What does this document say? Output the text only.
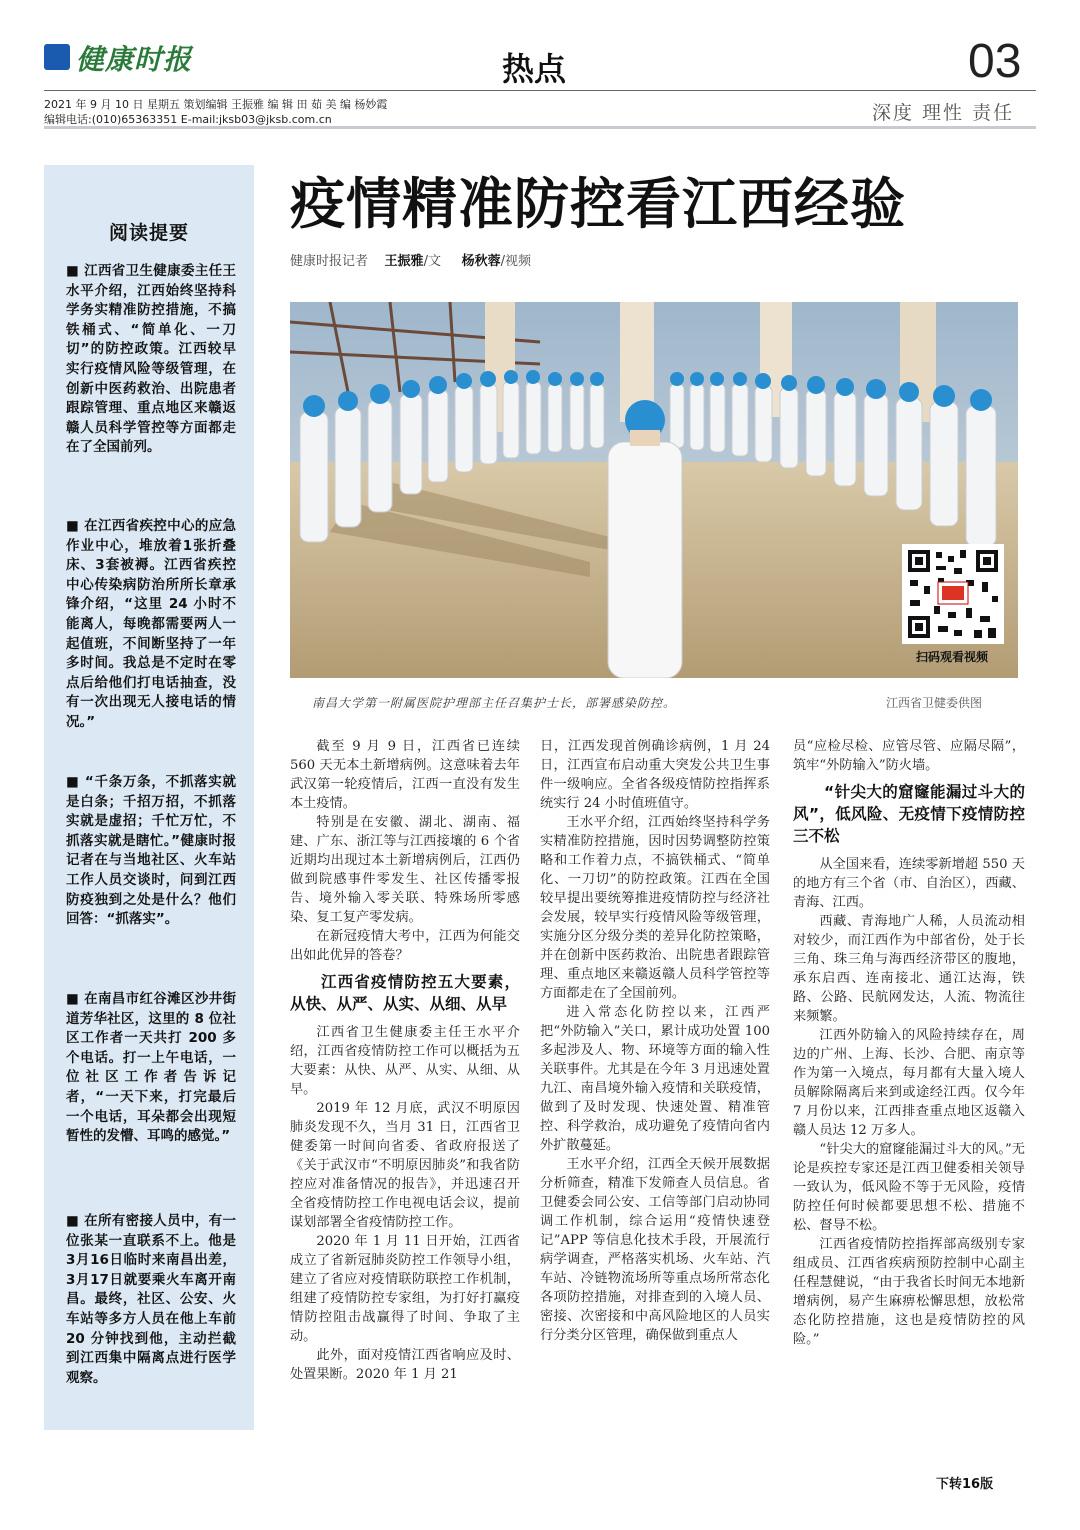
健康时报	热点	03
2021 年 9 月 10 日 星期五 策划编辑 王振雅 编 辑 田 茹 美 编 杨妙霞
编辑电话:(010)65363351 E-mail:jksb03@jksb.com.cn	深度 理性 责任
阅读提要

■ 江西省卫生健康委主任王水平介绍，江西始终坚持科学务实精准防控措施，不搞铁桶式、“简单化、一刀切”的防控政策。江西较早实行疫情风险等级管理，在创新中医药救治、出院患者跟踪管理、重点地区来赣返赣人员科学管控等方面都走在了全国前列。

■ 在江西省疾控中心的应急作业中心，堆放着1张折叠床、3套被褥。江西省疾控中心传染病防治所所长章承锋介绍，“这里 24 小时不能离人，每晚都需要两人一起值班，不间断坚持了一年多时间。我总是不定时在零点后给他们打电话抽查，没有一次出现无人接电话的情况。”

■ “千条万条，不抓落实就是白条；千招万招，不抓落实就是虚招；千忙万忙，不抓落实就是瞎忙。”健康时报记者在与当地社区、火车站工作人员交谈时，问到江西防疫独到之处是什么？他们回答：“抓落实”。

■ 在南昌市红谷滩区沙井街道芳华社区，这里的 8 位社区工作者一天共打 200 多个电话。打一上午电话，一位社区工作者告诉记者，“一天下来，打完最后一个电话，耳朵都会出现短暂性的发懵、耳鸣的感觉。”

■ 在所有密接人员中，有一位张某一直联系不上。他是 3月16日临时来南昌出差，3月17日就要乘火车离开南昌。最终，社区、公安、火车站等多方人员在他上车前 20 分钟找到他，主动拦截到江西集中隔离点进行医学观察。

疫情精准防控看江西经验
健康时报记者 王振雅/文 杨秋蓉/视频
扫码观看视频
南昌大学第一附属医院护理部主任召集护士长，部署感染防控。	江西省卫健委供图

截至 9 月 9 日，江西省已连续 560 天无本土新增病例。这意味着去年武汉第一轮疫情后，江西一直没有发生本土疫情。

特别是在安徽、湖北、湖南、福建、广东、浙江等与江西接壤的 6 个省近期均出现过本土新增病例后，江西仍做到院感事件零发生、社区传播零报告、境外输入零关联、特殊场所零感染、复工复产零发病。

在新冠疫情大考中，江西为何能交出如此优异的答卷？

江西省疫情防控五大要素，从快、从严、从实、从细、从早

江西省卫生健康委主任王水平介绍，江西省疫情防控工作可以概括为五大要素：从快、从严、从实、从细、从早。

2019 年 12 月底，武汉不明原因肺炎发现不久，当月 31 日，江西省卫健委第一时间向省委、省政府报送了《关于武汉市“不明原因肺炎”和我省防控应对准备情况的报告》，并迅速召开全省疫情防控工作电视电话会议，提前谋划部署全省疫情防控工作。

2020 年 1 月 11 日开始，江西省成立了省新冠肺炎防控工作领导小组，建立了省应对疫情联防联控工作机制，组建了疫情防控专家组，为打好打赢疫情防控阻击战赢得了时间、争取了主动。

此外，面对疫情江西省响应及时、处置果断。2020 年 1 月 21

日，江西发现首例确诊病例，1 月 24 日，江西宣布启动重大突发公共卫生事件一级响应。全省各级疫情防控指挥系统实行 24 小时值班值守。

王水平介绍，江西始终坚持科学务实精准防控措施，因时因势调整防控策略和工作着力点，不搞铁桶式、“简单化、一刀切”的防控政策。江西在全国较早提出要统筹推进疫情防控与经济社会发展，较早实行疫情风险等级管理，实施分区分级分类的差异化防控策略，并在创新中医药救治、出院患者跟踪管理、重点地区来赣返赣人员科学管控等方面都走在了全国前列。

进入常态化防控以来，江西严把“外防输入”关口，累计成功处置 100 多起涉及人、物、环境等方面的输入性关联事件。尤其是在今年 3 月迅速处置九江、南昌境外输入疫情和关联疫情，做到了及时发现、快速处置、精准管控、科学救治，成功避免了疫情向省内外扩散蔓延。

王水平介绍，江西全天候开展数据分析筛查，精准下发筛查人员信息。省卫健委会同公安、工信等部门启动协同调工作机制，综合运用“疫情快速登记”APP 等信息化技术手段，开展流行病学调查，严格落实机场、火车站、汽车站、冷链物流场所等重点场所常态化各项防控措施，对排查到的入境人员、密接、次密接和中高风险地区的人员实行分类分区管理，确保做到重点人

员“应检尽检、应管尽管、应隔尽隔”，筑牢“外防输入”防火墙。

“针尖大的窟窿能漏过斗大的风”，低风险、无疫情下疫情防控三不松

从全国来看，连续零新增超 550 天的地方有三个省（市、自治区），西藏、青海、江西。

西藏、青海地广人稀，人员流动相对较少，而江西作为中部省份，处于长三角、珠三角与海西经济带区的腹地，承东启西、连南接北、通江达海，铁路、公路、民航网发达，人流、物流往来频繁。

江西外防输入的风险持续存在，周边的广州、上海、长沙、合肥、南京等作为第一入境点，每月都有大量入境人员解除隔离后来到或途经江西。仅今年 7 月份以来，江西排查重点地区返赣入赣人员达 12 万多人。

“针尖大的窟窿能漏过斗大的风。”无论是疾控专家还是江西卫健委相关领导一致认为，低风险不等于无风险，疫情防控任何时候都要思想不松、措施不松、督导不松。

江西省疫情防控指挥部高级别专家组成员、江西省疾病预防控制中心副主任程慧健说，“由于我省长时间无本地新增病例，易产生麻痹松懈思想，放松常态化防控措施，这也是疫情防控的风险。”

下转16版
